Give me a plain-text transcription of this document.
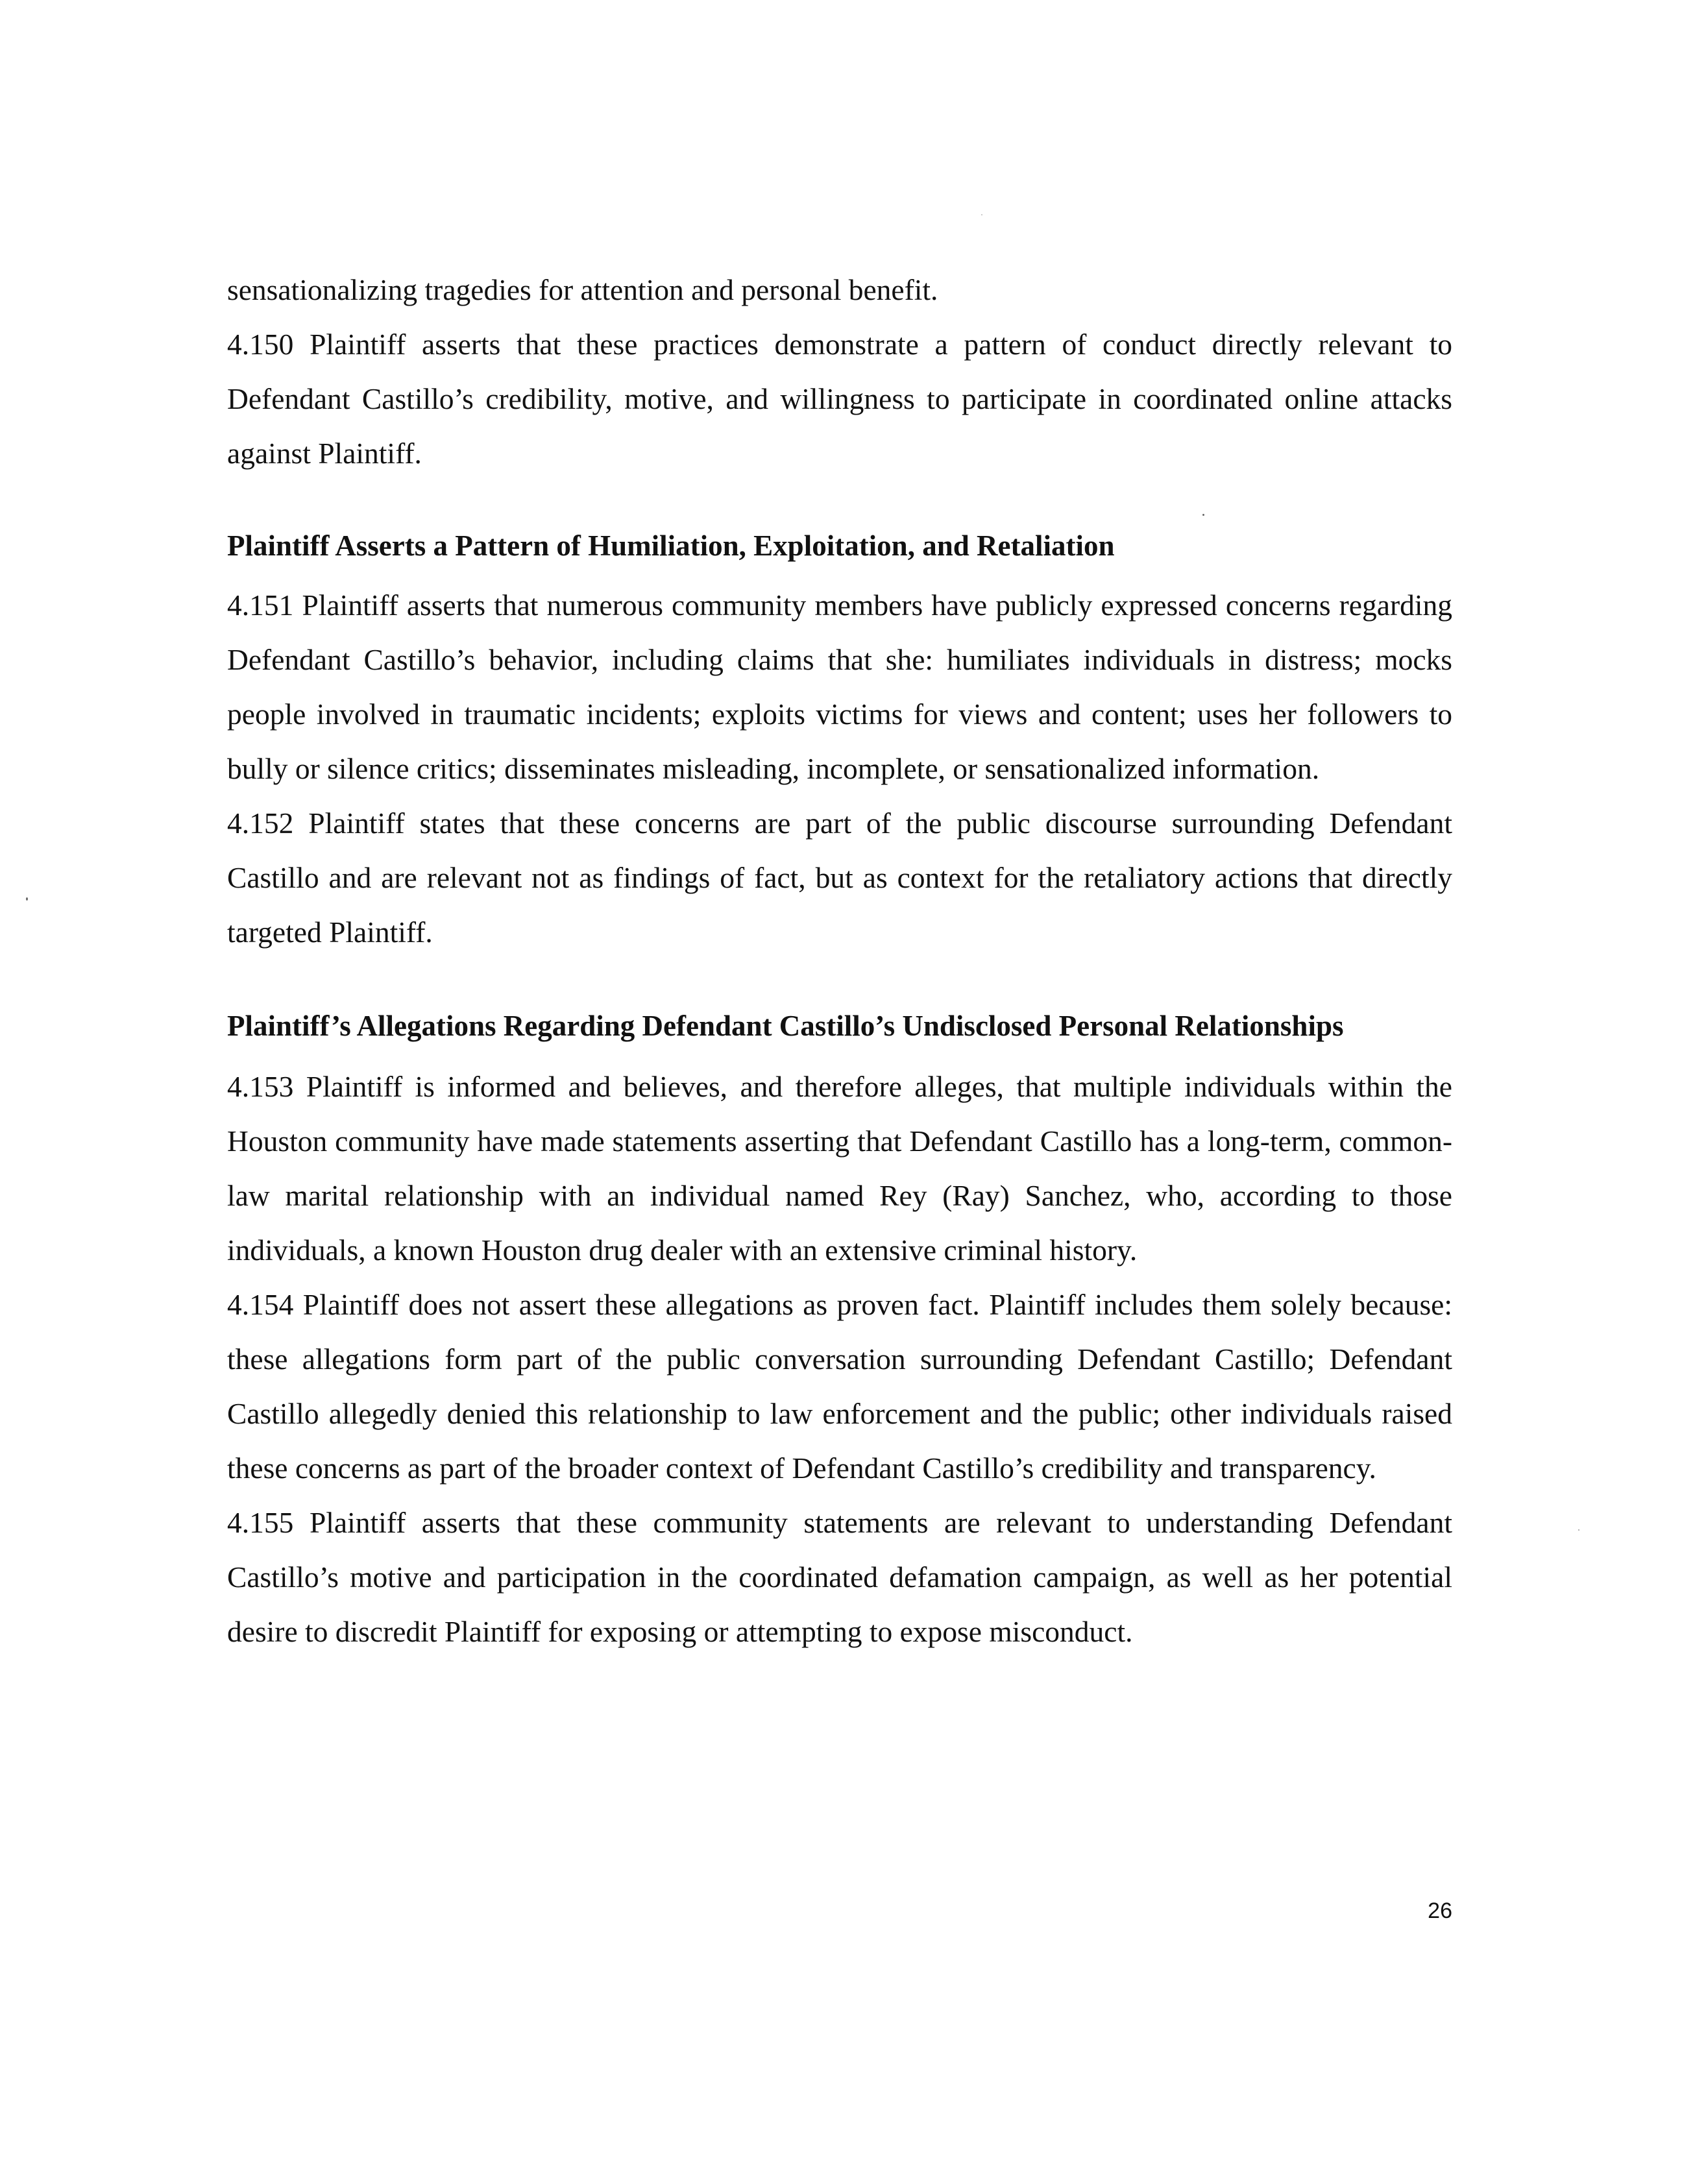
sensationalizing tragedies for attention and personal benefit.

4.150 Plaintiff asserts that these practices demonstrate a pattern of conduct directly relevant to Defendant Castillo’s credibility, motive, and willingness to participate in coordinated online attacks against Plaintiff.

Plaintiff Asserts a Pattern of Humiliation, Exploitation, and Retaliation

4.151 Plaintiff asserts that numerous community members have publicly expressed concerns regarding Defendant Castillo’s behavior, including claims that she: humiliates individuals in distress; mocks people involved in traumatic incidents; exploits victims for views and content; uses her followers to bully or silence critics; disseminates misleading, incomplete, or sensationalized information.

4.152 Plaintiff states that these concerns are part of the public discourse surrounding Defendant Castillo and are relevant not as findings of fact, but as context for the retaliatory actions that directly targeted Plaintiff.

Plaintiff’s Allegations Regarding Defendant Castillo’s Undisclosed Personal Relationships

4.153 Plaintiff is informed and believes, and therefore alleges, that multiple individuals within the Houston community have made statements asserting that Defendant Castillo has a long-term, common-law marital relationship with an individual named Rey (Ray) Sanchez, who, according to those individuals, a known Houston drug dealer with an extensive criminal history.

4.154 Plaintiff does not assert these allegations as proven fact. Plaintiff includes them solely because: these allegations form part of the public conversation surrounding Defendant Castillo; Defendant Castillo allegedly denied this relationship to law enforcement and the public; other individuals raised these concerns as part of the broader context of Defendant Castillo’s credibility and transparency.

4.155 Plaintiff asserts that these community statements are relevant to understanding Defendant Castillo’s motive and participation in the coordinated defamation campaign, as well as her potential desire to discredit Plaintiff for exposing or attempting to expose misconduct.

26
